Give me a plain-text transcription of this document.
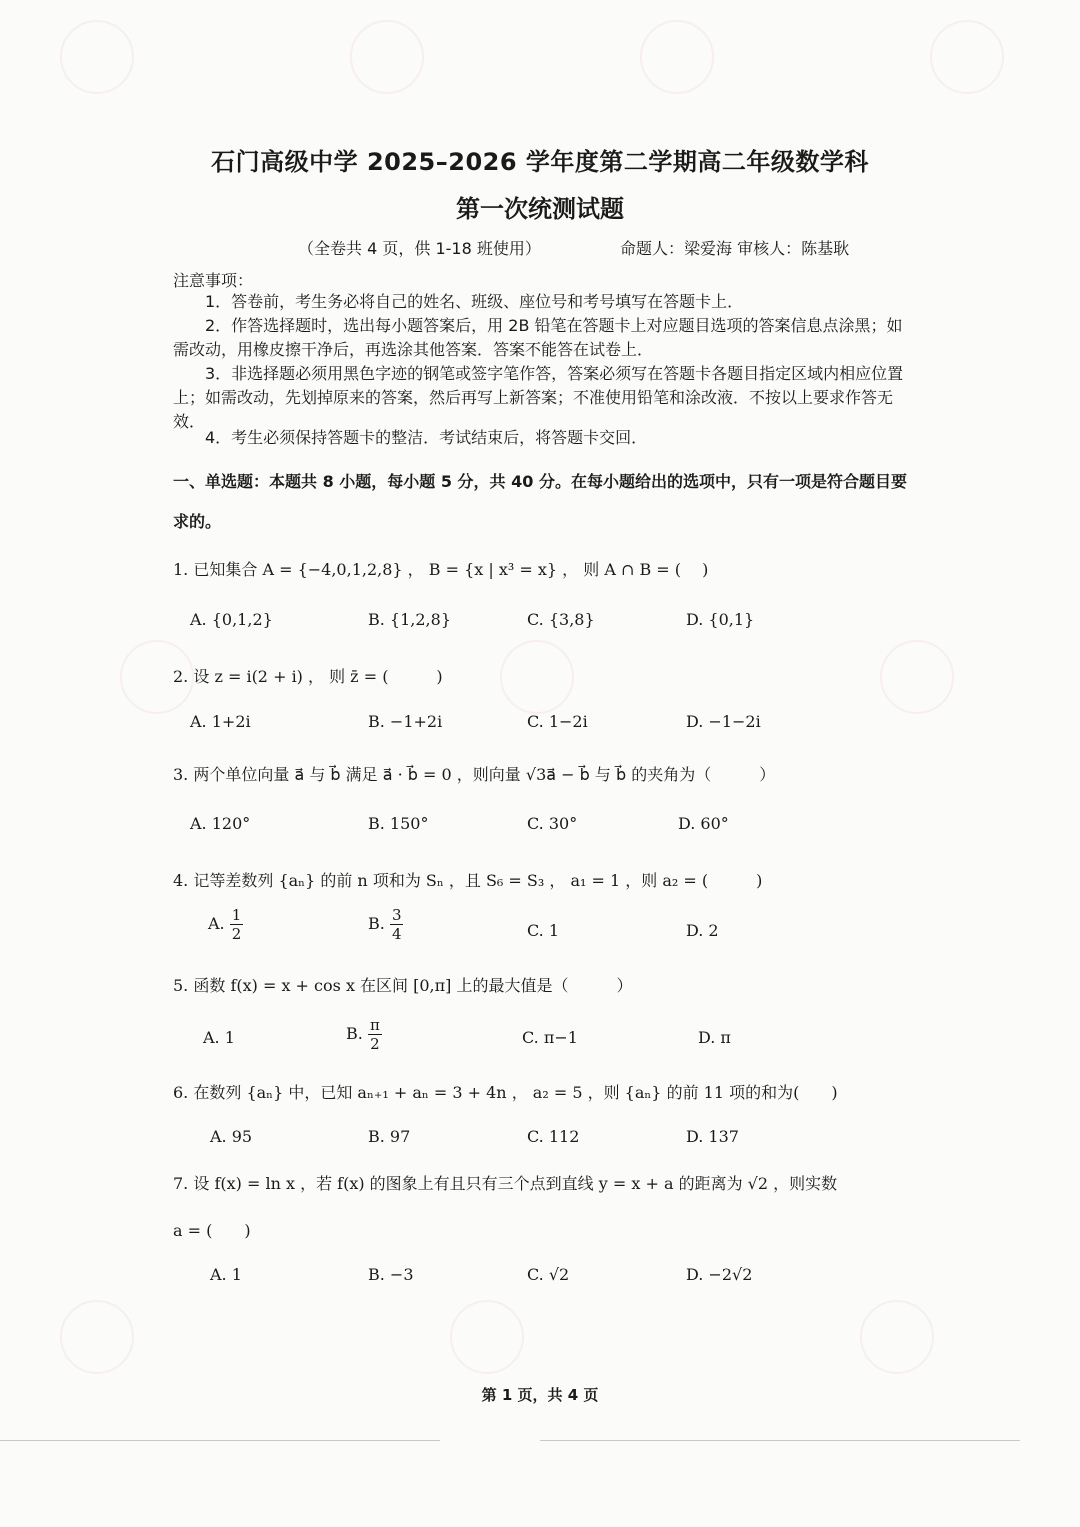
石门高级中学 2025–2026 学年度第二学期高二年级数学科
第一次统测试题
（全卷共 4 页，供 1-18 班使用）	命题人：梁爱海 审核人：陈基耿
注意事项：
1．答卷前，考生务必将自己的姓名、班级、座位号和考号填写在答题卡上．
2．作答选择题时，选出每小题答案后，用 2B 铅笔在答题卡上对应题目选项的答案信息点涂黑；如需改动，用橡皮擦干净后，再选涂其他答案．答案不能答在试卷上．
3．非选择题必须用黑色字迹的钢笔或签字笔作答，答案必须写在答题卡各题目指定区域内相应位置上；如需改动，先划掉原来的答案，然后再写上新答案；不准使用铅笔和涂改液．不按以上要求作答无效．
4．考生必须保持答题卡的整洁．考试结束后，将答题卡交回．
一、单选题：本题共 8 小题，每小题 5 分，共 40 分。在每小题给出的选项中，只有一项是符合题目要求的。
1. 已知集合 A = {−4,0,1,2,8} ， B = {x | x³ = x} ， 则 A ∩ B = (　 )
A. {0,1,2}	B. {1,2,8}	C. {3,8}	D. {0,1}
2. 设 z = i(2 + i) ， 则 z̄ = (　　　)
A. 1+2i	B. −1+2i	C. 1−2i	D. −1−2i
3. 两个单位向量 a⃗ 与 b⃗ 满足 a⃗ · b⃗ = 0 ，则向量 √3a⃗ − b⃗ 与 b⃗ 的夹角为（　　　）
A. 120°	B. 150°	C. 30°	D. 60°
4. 记等差数列 {aₙ} 的前 n 项和为 Sₙ ，且 S₆ = S₃ ， a₁ = 1 ，则 a₂ = (　　　)
A. $\frac{1}{2}$	B. $\frac{3}{4}$	C. 1	D. 2
5. 函数 f(x) = x + cos x 在区间 [0,π] 上的最大值是（　　　）
A. 1	B. $\frac{\pi}{2}$	C. π−1	D. π
6. 在数列 {aₙ} 中，已知 aₙ₊₁ + aₙ = 3 + 4n ， a₂ = 5 ，则 {aₙ} 的前 11 项的和为(　　)
A. 95	B. 97	C. 112	D. 137
7. 设 f(x) = ln x ，若 f(x) 的图象上有且只有三个点到直线 y = x + a 的距离为 √2 ，则实数
a = (　　)
A. 1	B. −3	C. √2	D. −2√2
第 1 页，共 4 页
